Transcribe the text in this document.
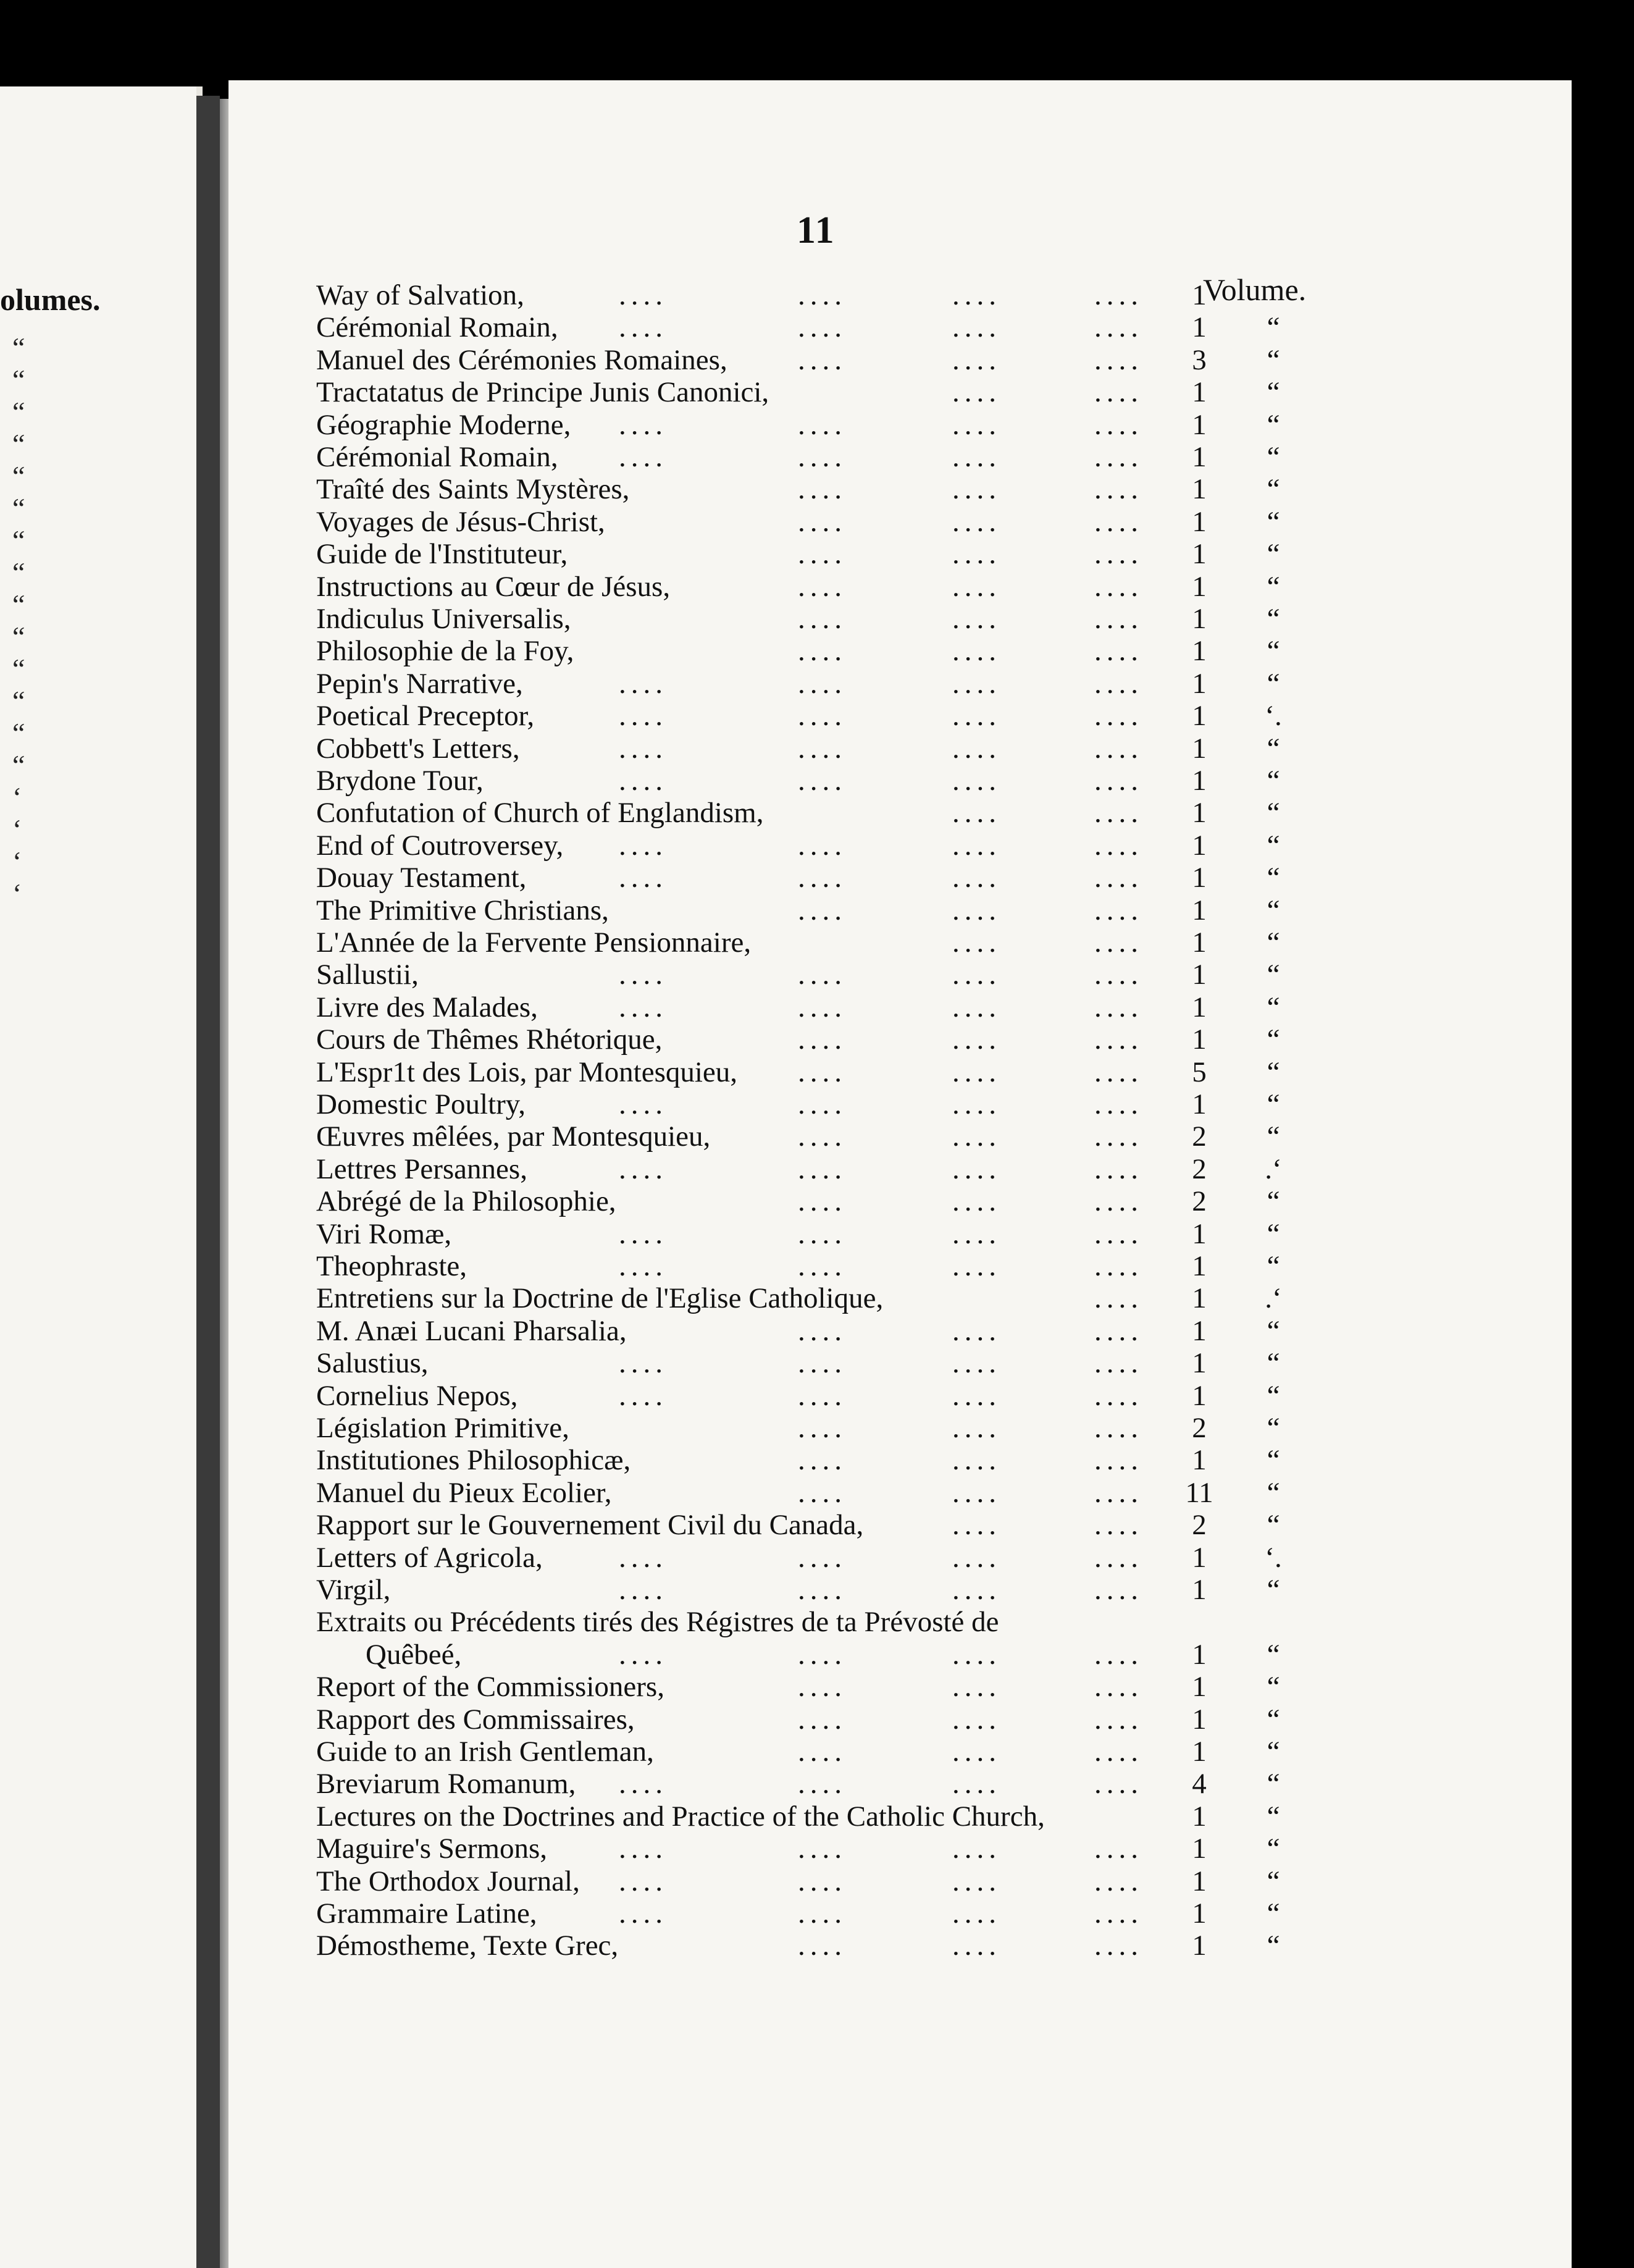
olumes.
“
“
“
“
“
“
“
“
“
“
“
“
“
“
‘
‘
‘
‘
11
Volume.
Way of Salvation,	....	....	....	....	1
Cérémonial Romain, ....	....	....	....	1	“
Manuel des Cérémonies Romaines, ....	....	....	3	“
Tractatatus de Principe Junis Canonici,	....	....	1	“
Géographie Moderne, ....	....	....	....	1	“
Cérémonial Romain, ....	....	....	....	1	“
Traîté des Saints Mystères,	....	....	....	1	“
Voyages de Jésus-Christ,	....	....	....	1	“
Guide de l'Instituteur,	....	....	....	1	“
Instructions au Cœur de Jésus,	....	....	....	1	“
Indiculus Universalis,	....	....	....	1	“
Philosophie de la Foy,	....	....	....	1	“
Pepin's Narrative,	....	....	....	....	1	“
Poetical Preceptor,	....	....	....	....	1	‘.
Cobbett's Letters,	....	....	....	....	1	“
Brydone Tour,	....	....	....	....	1	“
Confutation of Church of Englandism,	....	....	1	“
End of Coutroversey, ....	....	....	....	1	“
Douay Testament,	....	....	....	....	1	“
The Primitive Christians,	....	....	....	1	“
L'Année de la Fervente Pensionnaire,	....	....	1	“
Sallustii,	....	....	....	....	1	“
Livre des Malades,	....	....	....	....	1	“
Cours de Thêmes Rhétorique,	....	....	....	1	“
L'Espr1t des Lois, par Montesquieu, ....	....	....	5	“
Domestic Poultry,	....	....	....	....	1	“
Œuvres mêlées, par Montesquieu,	....	....	....	2	“
Lettres Persannes,	....	....	....	....	2	.‘
Abrégé de la Philosophie,	....	....	....	2	“
Viri Romæ,	....	....	....	....	1	“
Theophraste,	....	....	....	....	1	“
Entretiens sur la Doctrine de l'Eglise Catholique,	....	1	.‘
M. Anæi Lucani Pharsalia,	....	....	....	1	“
Salustius,	....	....	....	....	1	“
Cornelius Nepos,	....	....	....	....	1	“
Législation Primitive,	....	....	....	2	“
Institutiones Philosophicæ,	....	....	....	1	“
Manuel du Pieux Ecolier,	....	....	....	11	“
Rapport sur le Gouvernement Civil du Canada,	....	....	2	“
Letters of Agricola,	....	....	....	....	1	‘.
Virgil,	....	....	....	....	1	“
Extraits ou Précédents tirés des Régistres de ta Prévosté de
Quêbeé,	....	....	....	....	1	“
Report of the Commissioners,	....	....	....	1	“
Rapport des Commissaires,	....	....	....	1	“
Guide to an Irish Gentleman,	....	....	....	1	“
Breviarum Romanum, ....	....	....	....	4	“
Lectures on the Doctrines and Practice of the Catholic Church,	1	“
Maguire's Sermons, ....	....	....	....	1	“
The Orthodox Journal, ....	....	....	....	1	“
Grammaire Latine,	....	....	....	....	1	“
Démostheme, Texte Grec,	....	....	....	1	“
